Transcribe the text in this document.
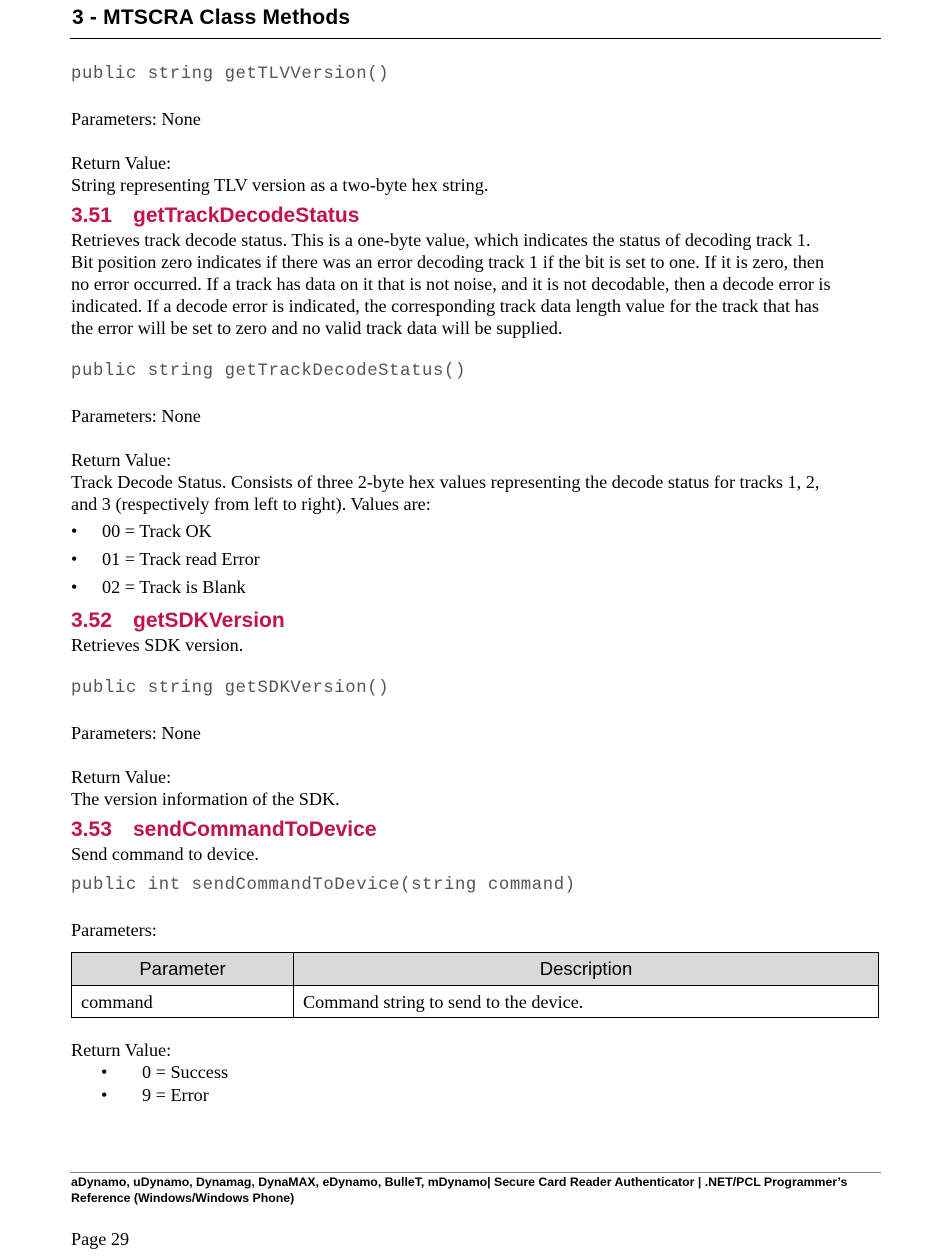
3 - MTSCRA Class Methods

public string getTLVVersion()

Parameters: None

Return Value:

String representing TLV version as a two-byte hex string.

3.51 getTrackDecodeStatus

Retrieves track decode status. This is a one-byte value, which indicates the status of decoding track 1.

Bit position zero indicates if there was an error decoding track 1 if the bit is set to one. If it is zero, then

no error occurred. If a track has data on it that is not noise, and it is not decodable, then a decode error is

indicated. If a decode error is indicated, the corresponding track data length value for the track that has

the error will be set to zero and no valid track data will be supplied.

public string getTrackDecodeStatus()

Parameters: None

Return Value:

Track Decode Status. Consists of three 2-byte hex values representing the decode status for tracks 1, 2,

and 3 (respectively from left to right). Values are:

• 00 = Track OK
• 01 = Track read Error
• 02 = Track is Blank
3.52 getSDKVersion

Retrieves SDK version.

public string getSDKVersion()

Parameters: None

Return Value:

The version information of the SDK.

3.53 sendCommandToDevice

Send command to device.

public int sendCommandToDevice(string command)

Parameters:

Parameter	Description
command	Command string to send to the device.

Return Value:

• 0 = Success
• 9 = Error
aDynamo, uDynamo, Dynamag, DynaMAX, eDynamo, BulleT, mDynamo| Secure Card Reader Authenticator | .NET/PCL Programmer’s
Reference (Windows/Windows Phone)
Page 29
